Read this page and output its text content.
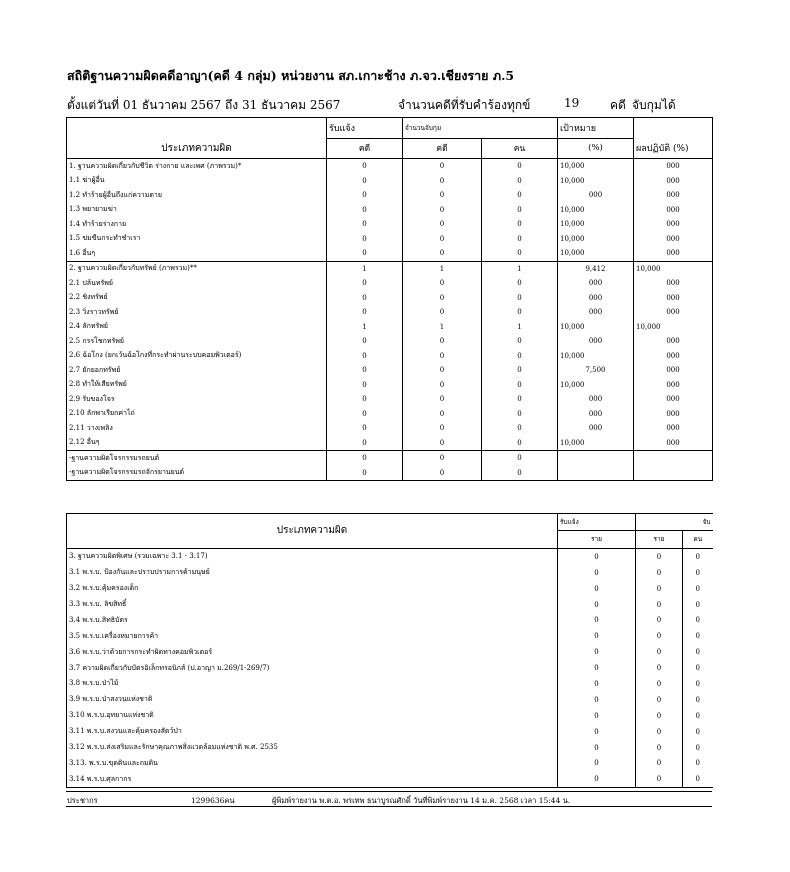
สถิติฐานความผิดคดีอาญา(คดี 4 กลุ่ม) หน่วยงาน สภ.เกาะช้าง ภ.จว.เชียงราย ภ.5
ตั้งแต่วันที่ 01 ธันวาคม 2567 ถึง 31 ธันวาคม 2567	จำนวนคดีที่รับคำร้องทุกข์	19	คดี จับกุมได้
ประเภทความผิด	รับแจ้ง	จำนวนจับกุม		เป้าหมาย	ผลปฏิบัติ (%)
	คดี	คดี	คน	(%)	
1. ฐานความผิดเกี่ยวกับชีวิต ร่างกาย และเพศ (ภาพรวม)*	0	0	0	10,000	000
1.1 ฆ่าผู้อื่น	0	0	0	10,000	000
1.2 ทำร้ายผู้อื่นถึงแก่ความตาย	0	0	0	000	000
1.3 พยายามฆ่า	0	0	0	10,000	000
1.4 ทำร้ายร่างกาย	0	0	0	10,000	000
1.5 ข่มขืนกระทำชำเรา	0	0	0	10,000	000
1.6 อื่นๆ	0	0	0	10,000	000
2. ฐานความผิดเกี่ยวกับทรัพย์ (ภาพรวม)**	1	1	1	9,412	10,000
2.1 ปล้นทรัพย์	0	0	0	000	000
2.2 ชิงทรัพย์	0	0	0	000	000
2.3 วิ่งราวทรัพย์	0	0	0	000	000
2.4 ลักทรัพย์	1	1	1	10,000	10,000
2.5 กรรโชกทรัพย์	0	0	0	000	000
2.6 ฉ้อโกง (ยกเว้นฉ้อโกงที่กระทำผ่านระบบคอมพิวเตอร์)	0	0	0	10,000	000
2.7 ยักยอกทรัพย์	0	0	0	7,500	000
2.8 ทำให้เสียทรัพย์	0	0	0	10,000	000
2.9 รับของโจร	0	0	0	000	000
2.10 ลักพาเรียกค่าไถ่	0	0	0	000	000
2.11 วางเพลิง	0	0	0	000	000
2.12 อื่นๆ	0	0	0	10,000	000
-ฐานความผิดโจรกรรมรถยนต์	0	0	0		
-ฐานความผิดโจรกรรมรถจักรยานยนต์	0	0	0		
ประเภทความผิด	รับแจ้ง		จับ
	ราย	ราย	คน
3. ฐานความผิดพิเศษ (รวมเฉพาะ 3.1 - 3.17)	0	0	0
3.1 พ.ร.บ. ป้องกันและปราบปรามการค้ามนุษย์	0	0	0
3.2 พ.ร.บ.คุ้มครองเด็ก	0	0	0
3.3 พ.ร.บ. ลิขสิทธิ์	0	0	0
3.4 พ.ร.บ.สิทธิบัตร	0	0	0
3.5 พ.ร.บ.เครื่องหมายการค้า	0	0	0
3.6 พ.ร.บ.ว่าด้วยการกระทำผิดทางคอมพิวเตอร์	0	0	0
3.7 ความผิดเกี่ยวกับบัตรอิเล็กทรอนิกส์ (ป.อาญา ม.269/1-269/7)	0	0	0
3.8 พ.ร.บ.ป่าไม้	0	0	0
3.9 พ.ร.บ.ป่าสงวนแห่งชาติ	0	0	0
3.10 พ.ร.บ.อุทยานแห่งชาติ	0	0	0
3.11 พ.ร.บ.สงวนและคุ้มครองสัตว์ป่า	0	0	0
3.12 พ.ร.บ.ส่งเสริมและรักษาคุณภาพสิ่งแวดล้อมแห่งชาติ พ.ศ. 2535	0	0	0
3.13. พ.ร.บ.ขุดดินและถมดิน	0	0	0
3.14 พ.ร.บ.ศุลกากร	0	0	0
ประชากร	1299636คน	ผู้พิมพ์รายงาน พ.ต.อ. พรเทพ ธนาบูรณศักดิ์ วันที่พิมพ์รายงาน 14 ม.ค. 2568 เวลา 15:44 น.
